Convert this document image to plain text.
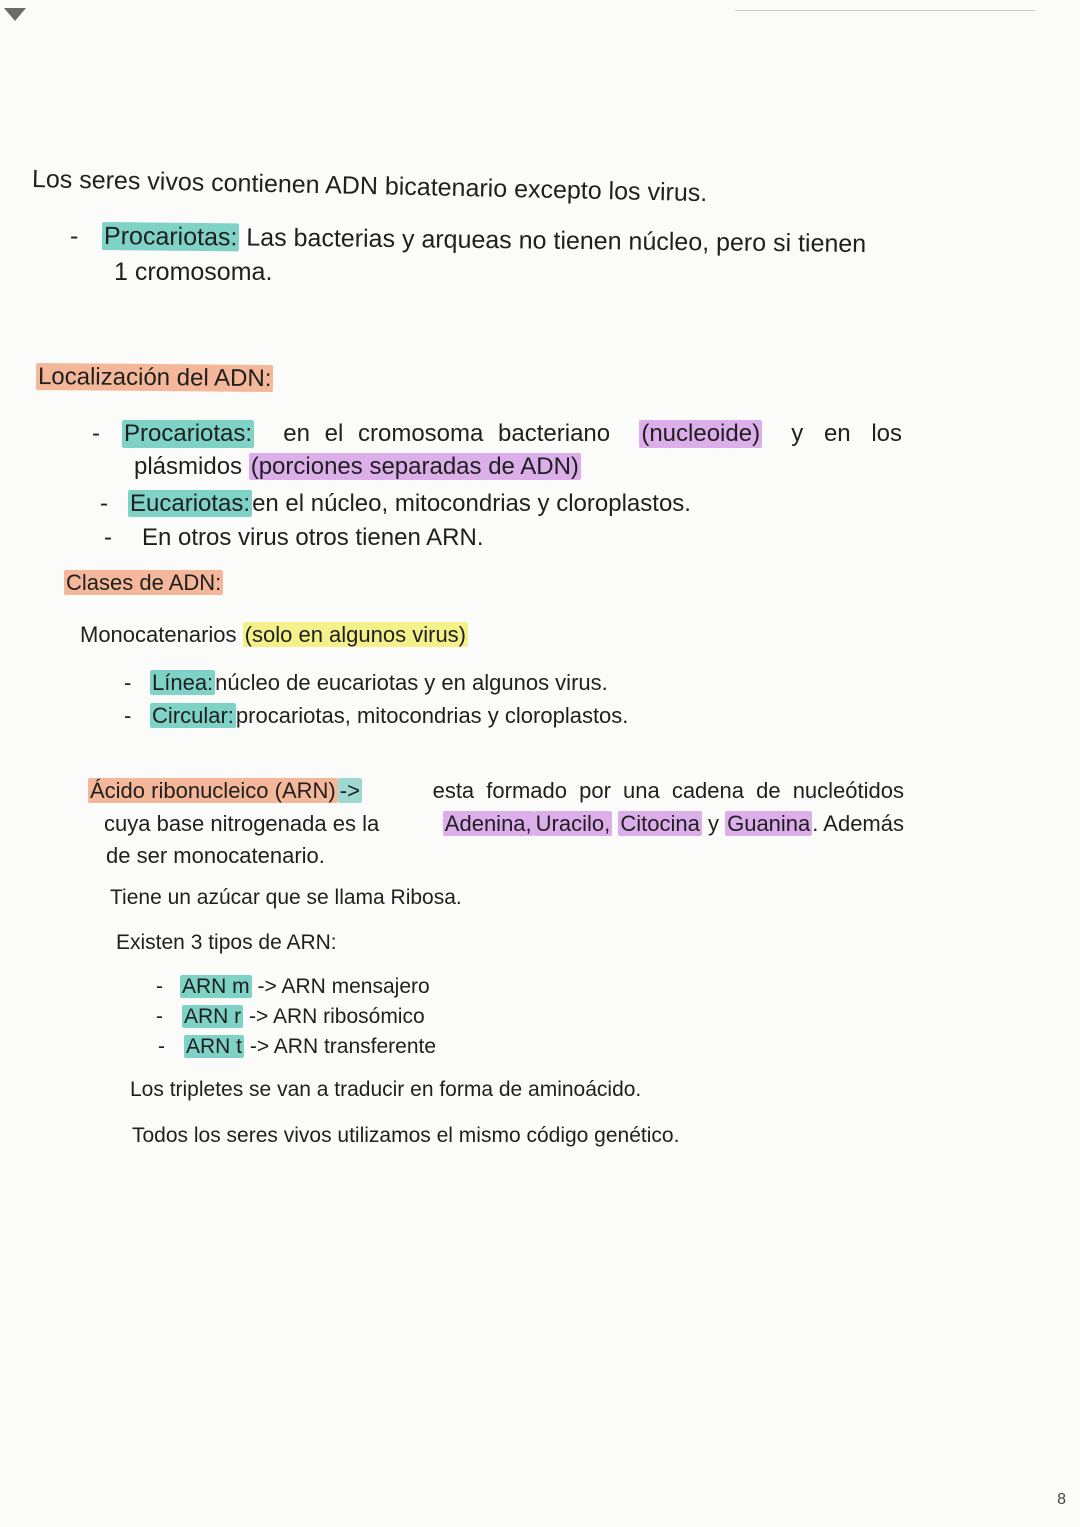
Los seres vivos contienen ADN bicatenario excepto los virus.
- Procariotas: Las bacterias y arqueas no tienen núcleo, pero si tienen
1 cromosoma.
Localización del ADN:
- Procariotas: en el cromosoma bacteriano (nucleoide) y en los
plásmidos (porciones separadas de ADN)
- Eucariotas:en el núcleo, mitocondrias y cloroplastos.
- En otros virus otros tienen ARN.
Clases de ADN:
Monocatenarios (solo en algunos virus)
- Línea:núcleo de eucariotas y en algunos virus.
- Circular:procariotas, mitocondrias y cloroplastos.
Ácido ribonucleico (ARN) ->	esta formado por una cadena de nucleótidos
cuya base nitrogenada es la	Adenina, Uracilo, Citocina y Guanina. Además
de ser monocatenario.
Tiene un azúcar que se llama Ribosa.
Existen 3 tipos de ARN:
- ARN m -> ARN mensajero
- ARN r -> ARN ribosómico
- ARN t -> ARN transferente
Los tripletes se van a traducir en forma de aminoácido.
Todos los seres vivos utilizamos el mismo código genético.
8
